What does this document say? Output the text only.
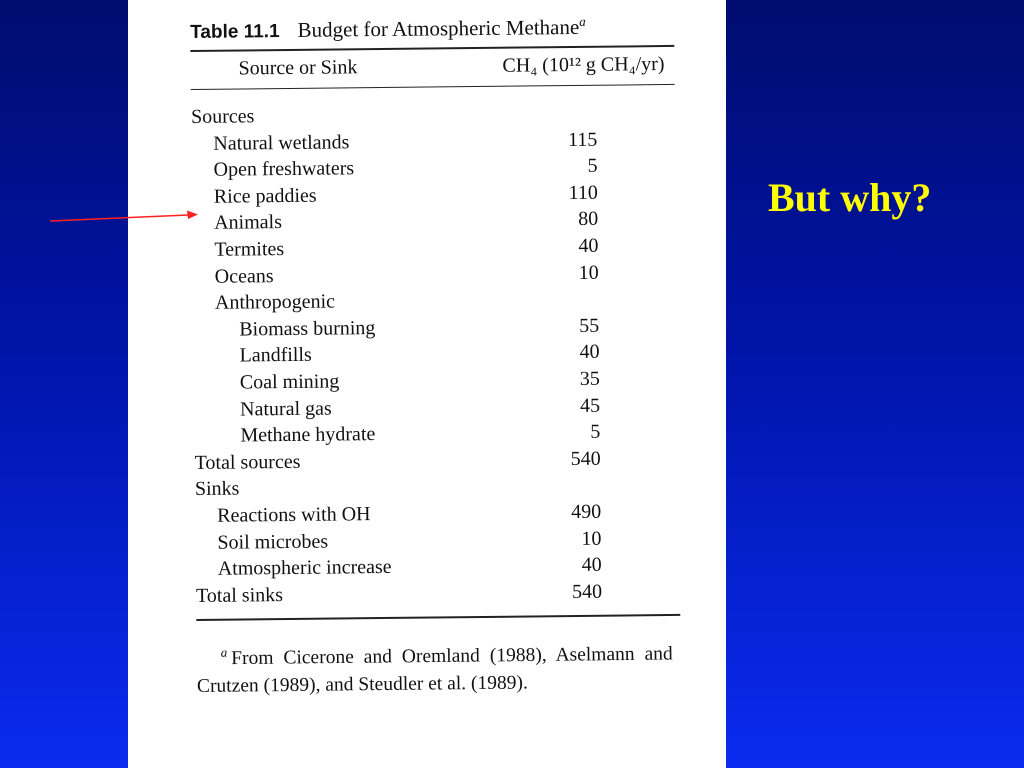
Table 11.1 Budget for Atmospheric Methane$^a$
Source or Sink	CH₄ (10¹² g CH₄/yr)
Sources
Natural wetlands	115
Open freshwaters	5
Rice paddies	110
Animals	80
Termites	40
Oceans	10
Anthropogenic
Biomass burning	55
Landfills	40
Coal mining	35
Natural gas	45
Methane hydrate	5
Total sources	540
Sinks
Reactions with OH	490
Soil microbes	10
Atmospheric increase	40
Total sinks	540
$^a$ From Cicerone and Oremland (1988), Aselmann and Crutzen (1989), and Steudler et al. (1989).
But why?
